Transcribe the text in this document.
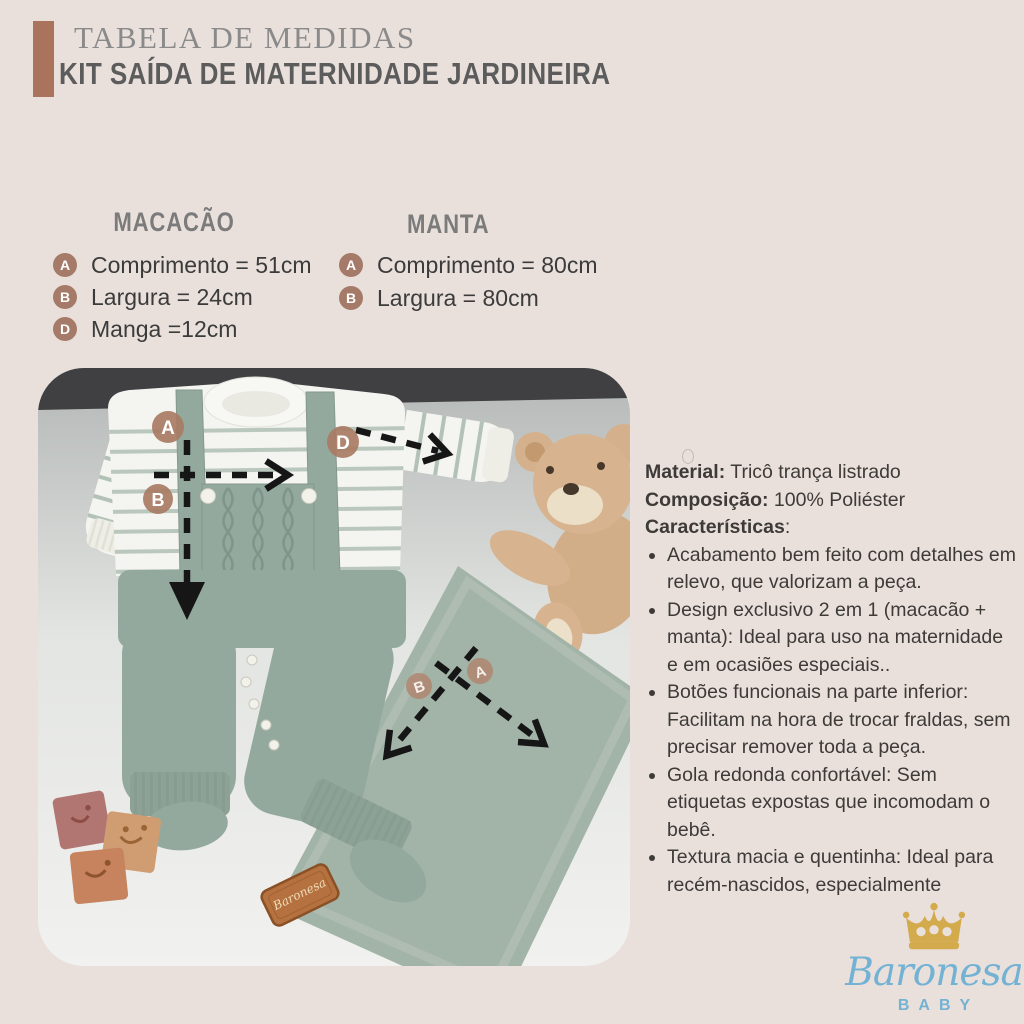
TABELA DE MEDIDAS
KIT SAÍDA DE MATERNIDADE JARDINEIRA
MACACÃO
A Comprimento = 51cm
B Largura = 24cm
D Manga =12cm
MANTA
A Comprimento = 80cm
B Largura = 80cm
Baronesa
A
B
D
B
A

Material: Tricô trança listrado

Composição: 100% Poliéster

Características:

• Acabamento bem feito com detalhes em relevo, que valorizam a peça.
• Design exclusivo 2 em 1 (macacão + manta): Ideal para uso na maternidade e em ocasiões especiais..
• Botões funcionais na parte inferior: Facilitam na hora de trocar fraldas, sem precisar remover toda a peça.
• Gola redonda confortável: Sem etiquetas expostas que incomodam o bebê.
• Textura macia e quentinha: Ideal para recém-nascidos, especialmente
Baronesa
BABY
